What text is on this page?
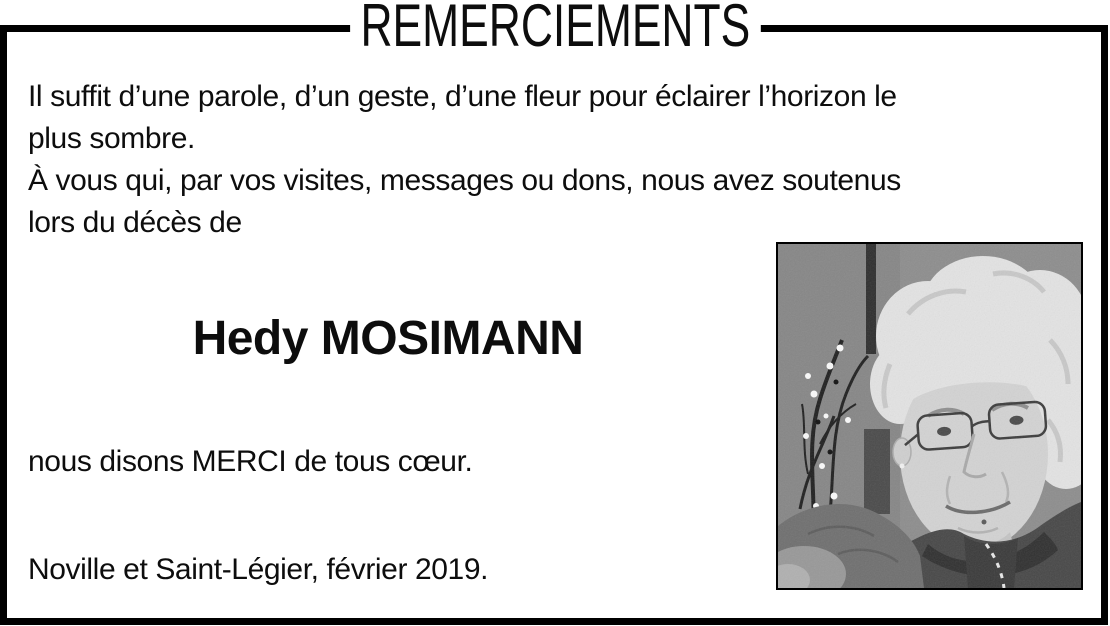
REMERCIEMENTS
Il suffit d’une parole, d’un geste, d’une fleur pour éclairer l’horizon le
plus sombre.
À vous qui, par vos visites, messages ou dons, nous avez soutenus
lors du décès de
Hedy MOSIMANN
nous disons MERCI de tous cœur.
Noville et Saint-Légier, février 2019.
